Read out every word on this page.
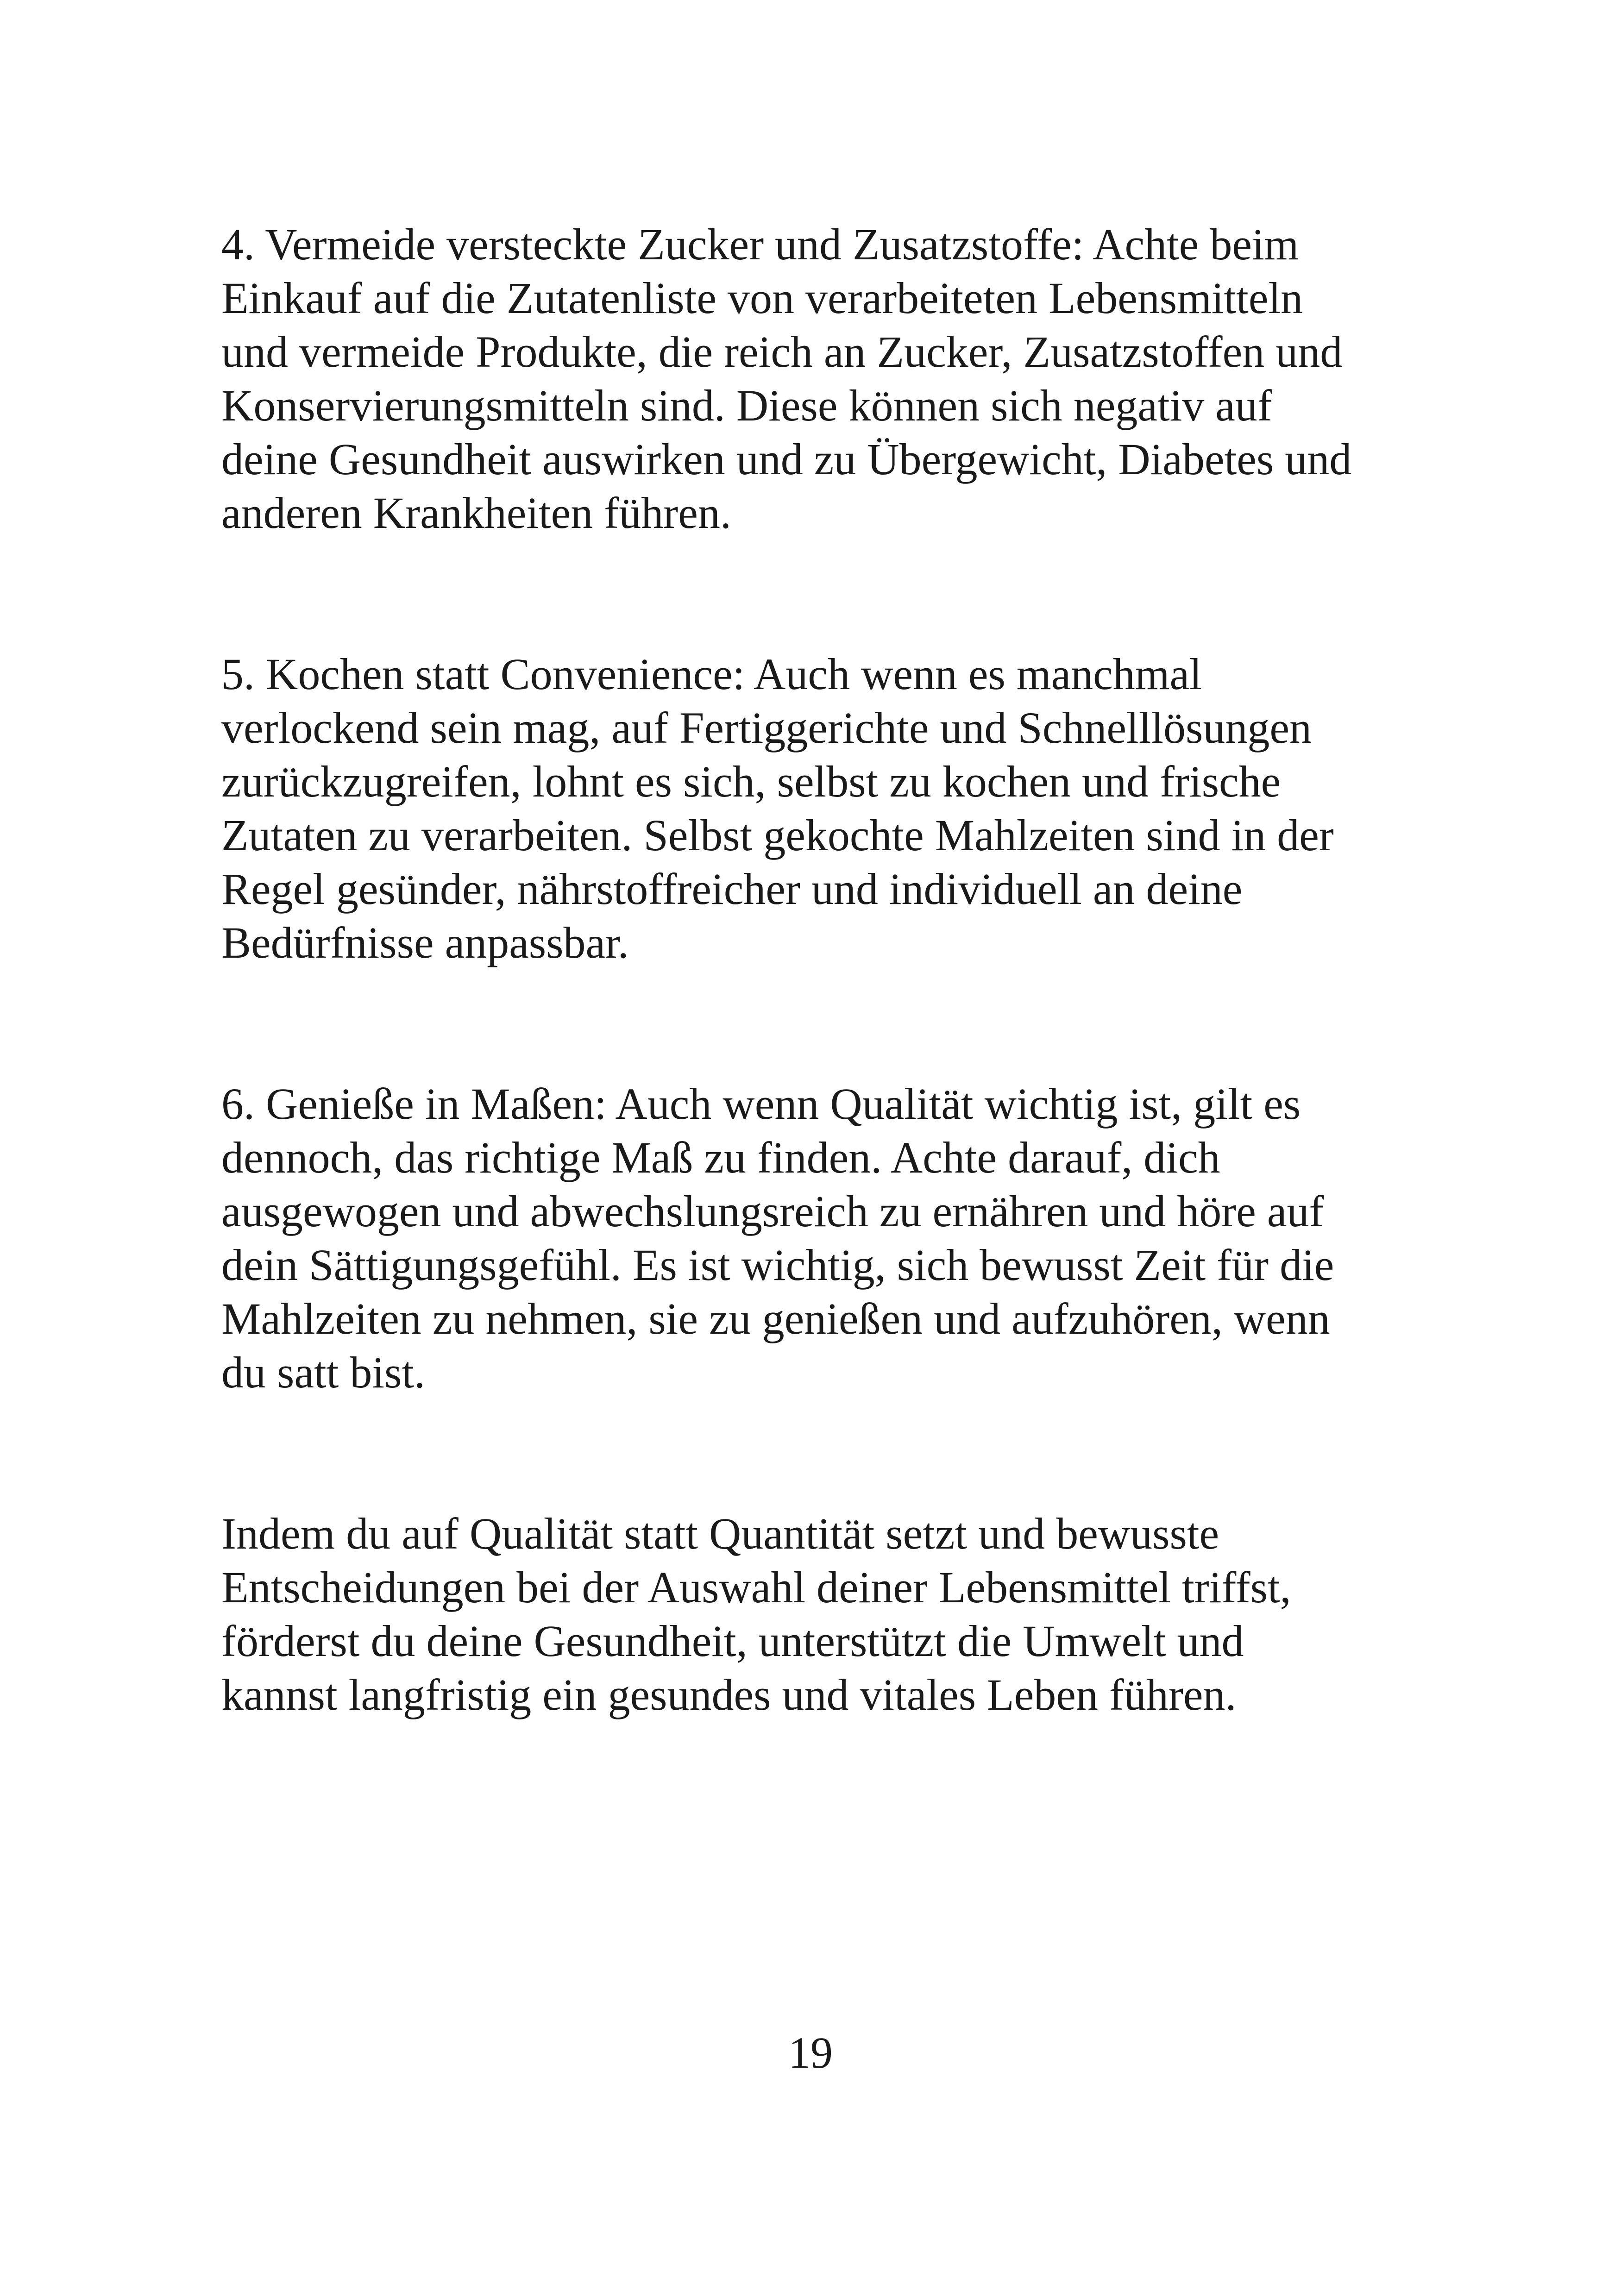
4. Vermeide versteckte Zucker und Zusatzstoffe: Achte beim
Einkauf auf die Zutatenliste von verarbeiteten Lebensmitteln
und vermeide Produkte, die reich an Zucker, Zusatzstoffen und
Konservierungsmitteln sind. Diese können sich negativ auf
deine Gesundheit auswirken und zu Übergewicht, Diabetes und
anderen Krankheiten führen.
5. Kochen statt Convenience: Auch wenn es manchmal
verlockend sein mag, auf Fertiggerichte und Schnelllösungen
zurückzugreifen, lohnt es sich, selbst zu kochen und frische
Zutaten zu verarbeiten. Selbst gekochte Mahlzeiten sind in der
Regel gesünder, nährstoffreicher und individuell an deine
Bedürfnisse anpassbar.
6. Genieße in Maßen: Auch wenn Qualität wichtig ist, gilt es
dennoch, das richtige Maß zu finden. Achte darauf, dich
ausgewogen und abwechslungsreich zu ernähren und höre auf
dein Sättigungsgefühl. Es ist wichtig, sich bewusst Zeit für die
Mahlzeiten zu nehmen, sie zu genießen und aufzuhören, wenn
du satt bist.
Indem du auf Qualität statt Quantität setzt und bewusste
Entscheidungen bei der Auswahl deiner Lebensmittel triffst,
förderst du deine Gesundheit, unterstützt die Umwelt und
kannst langfristig ein gesundes und vitales Leben führen.
19
